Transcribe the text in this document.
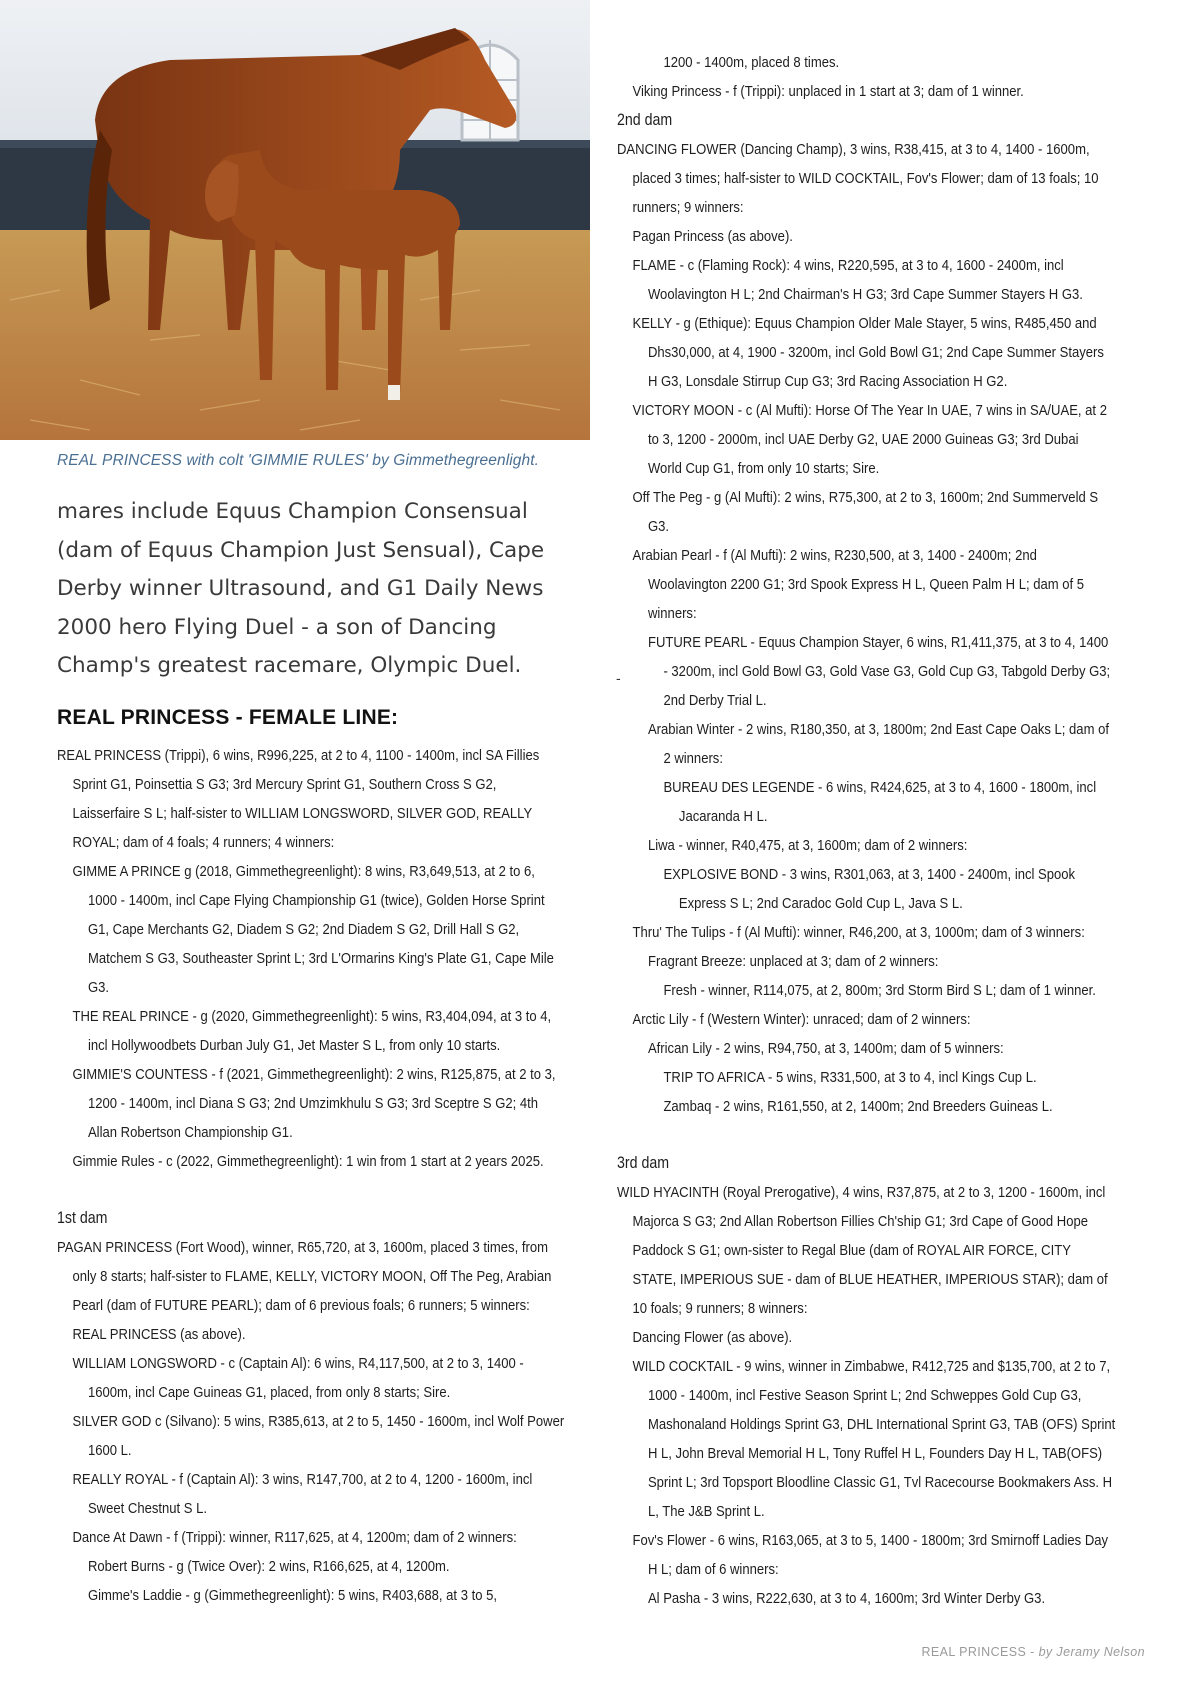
REAL PRINCESS with colt 'GIMMIE RULES' by Gimmethegreenlight.

mares include Equus Champion Consensual (dam of Equus Champion Just Sensual), Cape Derby winner Ultrasound, and G1 Daily News 2000 hero Flying Duel - a son of Dancing Champ's greatest racemare, Olympic Duel.

REAL PRINCESS - FEMALE LINE:
REAL PRINCESS (Trippi), 6 wins, R996,225, at 2 to 4, 1100 - 1400m, incl SA Fillies Sprint G1, Poinsettia S G3; 3rd Mercury Sprint G1, Southern Cross S G2, Laisserfaire S L; half-sister to WILLIAM LONGSWORD, SILVER GOD, REALLY ROYAL; dam of 4 foals; 4 runners; 4 winners:
GIMME A PRINCE g (2018, Gimmethegreenlight): 8 wins, R3,649,513, at 2 to 6, 1000 - 1400m, incl Cape Flying Championship G1 (twice), Golden Horse Sprint G1, Cape Merchants G2, Diadem S G2; 2nd Diadem S G2, Drill Hall S G2, Matchem S G3, Southeaster Sprint L; 3rd L'Ormarins King's Plate G1, Cape Mile G3.
THE REAL PRINCE - g (2020, Gimmethegreenlight): 5 wins, R3,404,094, at 3 to 4, incl Hollywoodbets Durban July G1, Jet Master S L, from only 10 starts.
GIMMIE'S COUNTESS - f (2021, Gimmethegreenlight): 2 wins, R125,875, at 2 to 3, 1200 - 1400m, incl Diana S G3; 2nd Umzimkhulu S G3; 3rd Sceptre S G2; 4th Allan Robertson Championship G1.
Gimmie Rules - c (2022, Gimmethegreenlight): 1 win from 1 start at 2 years 2025.
1st dam
PAGAN PRINCESS (Fort Wood), winner, R65,720, at 3, 1600m, placed 3 times, from only 8 starts; half-sister to FLAME, KELLY, VICTORY MOON, Off The Peg, Arabian Pearl (dam of FUTURE PEARL); dam of 6 previous foals; 6 runners; 5 winners:
REAL PRINCESS (as above).
WILLIAM LONGSWORD - c (Captain Al): 6 wins, R4,117,500, at 2 to 3, 1400 - 1600m, incl Cape Guineas G1, placed, from only 8 starts; Sire.
SILVER GOD c (Silvano): 5 wins, R385,613, at 2 to 5, 1450 - 1600m, incl Wolf Power 1600 L.
REALLY ROYAL - f (Captain Al): 3 wins, R147,700, at 2 to 4, 1200 - 1600m, incl Sweet Chestnut S L.
Dance At Dawn - f (Trippi): winner, R117,625, at 4, 1200m; dam of 2 winners:
Robert Burns - g (Twice Over): 2 wins, R166,625, at 4, 1200m.
Gimme's Laddie - g (Gimmethegreenlight): 5 wins, R403,688, at 3 to 5,
1200 - 1400m, placed 8 times.
Viking Princess - f (Trippi): unplaced in 1 start at 3; dam of 1 winner.
2nd dam
DANCING FLOWER (Dancing Champ), 3 wins, R38,415, at 3 to 4, 1400 - 1600m, placed 3 times; half-sister to WILD COCKTAIL, Fov's Flower; dam of 13 foals; 10 runners; 9 winners:
Pagan Princess (as above).
FLAME - c (Flaming Rock): 4 wins, R220,595, at 3 to 4, 1600 - 2400m, incl Woolavington H L; 2nd Chairman's H G3; 3rd Cape Summer Stayers H G3.
KELLY - g (Ethique): Equus Champion Older Male Stayer, 5 wins, R485,450 and Dhs30,000, at 4, 1900 - 3200m, incl Gold Bowl G1; 2nd Cape Summer Stayers H G3, Lonsdale Stirrup Cup G3; 3rd Racing Association H G2.
VICTORY MOON - c (Al Mufti): Horse Of The Year In UAE, 7 wins in SA/UAE, at 2 to 3, 1200 - 2000m, incl UAE Derby G2, UAE 2000 Guineas G3; 3rd Dubai World Cup G1, from only 10 starts; Sire.
Off The Peg - g (Al Mufti): 2 wins, R75,300, at 2 to 3, 1600m; 2nd Summerveld S G3.
Arabian Pearl - f (Al Mufti): 2 wins, R230,500, at 3, 1400 - 2400m; 2nd Woolavington 2200 G1; 3rd Spook Express H L, Queen Palm H L; dam of 5 winners:
FUTURE PEARL - Equus Champion Stayer, 6 wins, R1,411,375, at 3 to 4, 1400 - 3200m, incl Gold Bowl G3, Gold Vase G3, Gold Cup G3, Tabgold Derby G3; 2nd Derby Trial L.
Arabian Winter - 2 wins, R180,350, at 3, 1800m; 2nd East Cape Oaks L; dam of 2 winners:
BUREAU DES LEGENDE - 6 wins, R424,625, at 3 to 4, 1600 - 1800m, incl Jacaranda H L.
Liwa - winner, R40,475, at 3, 1600m; dam of 2 winners:
EXPLOSIVE BOND - 3 wins, R301,063, at 3, 1400 - 2400m, incl Spook Express S L; 2nd Caradoc Gold Cup L, Java S L.
Thru' The Tulips - f (Al Mufti): winner, R46,200, at 3, 1000m; dam of 3 winners:
Fragrant Breeze: unplaced at 3; dam of 2 winners:
Fresh - winner, R114,075, at 2, 800m; 3rd Storm Bird S L; dam of 1 winner.
Arctic Lily - f (Western Winter): unraced; dam of 2 winners:
African Lily - 2 wins, R94,750, at 3, 1400m; dam of 5 winners:
TRIP TO AFRICA - 5 wins, R331,500, at 3 to 4, incl Kings Cup L.
Zambaq - 2 wins, R161,550, at 2, 1400m; 2nd Breeders Guineas L.
3rd dam
WILD HYACINTH (Royal Prerogative), 4 wins, R37,875, at 2 to 3, 1200 - 1600m, incl Majorca S G3; 2nd Allan Robertson Fillies Ch'ship G1; 3rd Cape of Good Hope Paddock S G1; own-sister to Regal Blue (dam of ROYAL AIR FORCE, CITY STATE, IMPERIOUS SUE - dam of BLUE HEATHER, IMPERIOUS STAR); dam of 10 foals; 9 runners; 8 winners:
Dancing Flower (as above).
WILD COCKTAIL - 9 wins, winner in Zimbabwe, R412,725 and $135,700, at 2 to 7, 1000 - 1400m, incl Festive Season Sprint L; 2nd Schweppes Gold Cup G3, Mashonaland Holdings Sprint G3, DHL International Sprint G3, TAB (OFS) Sprint H L, John Breval Memorial H L, Tony Ruffel H L, Founders Day H L, TAB(OFS) Sprint L; 3rd Topsport Bloodline Classic G1, Tvl Racecourse Bookmakers Ass. H L, The J&B Sprint L.
Fov's Flower - 6 wins, R163,065, at 3 to 5, 1400 - 1800m; 3rd Smirnoff Ladies Day H L; dam of 6 winners:
Al Pasha - 3 wins, R222,630, at 3 to 4, 1600m; 3rd Winter Derby G3.
-
REAL PRINCESS - by Jeramy Nelson
